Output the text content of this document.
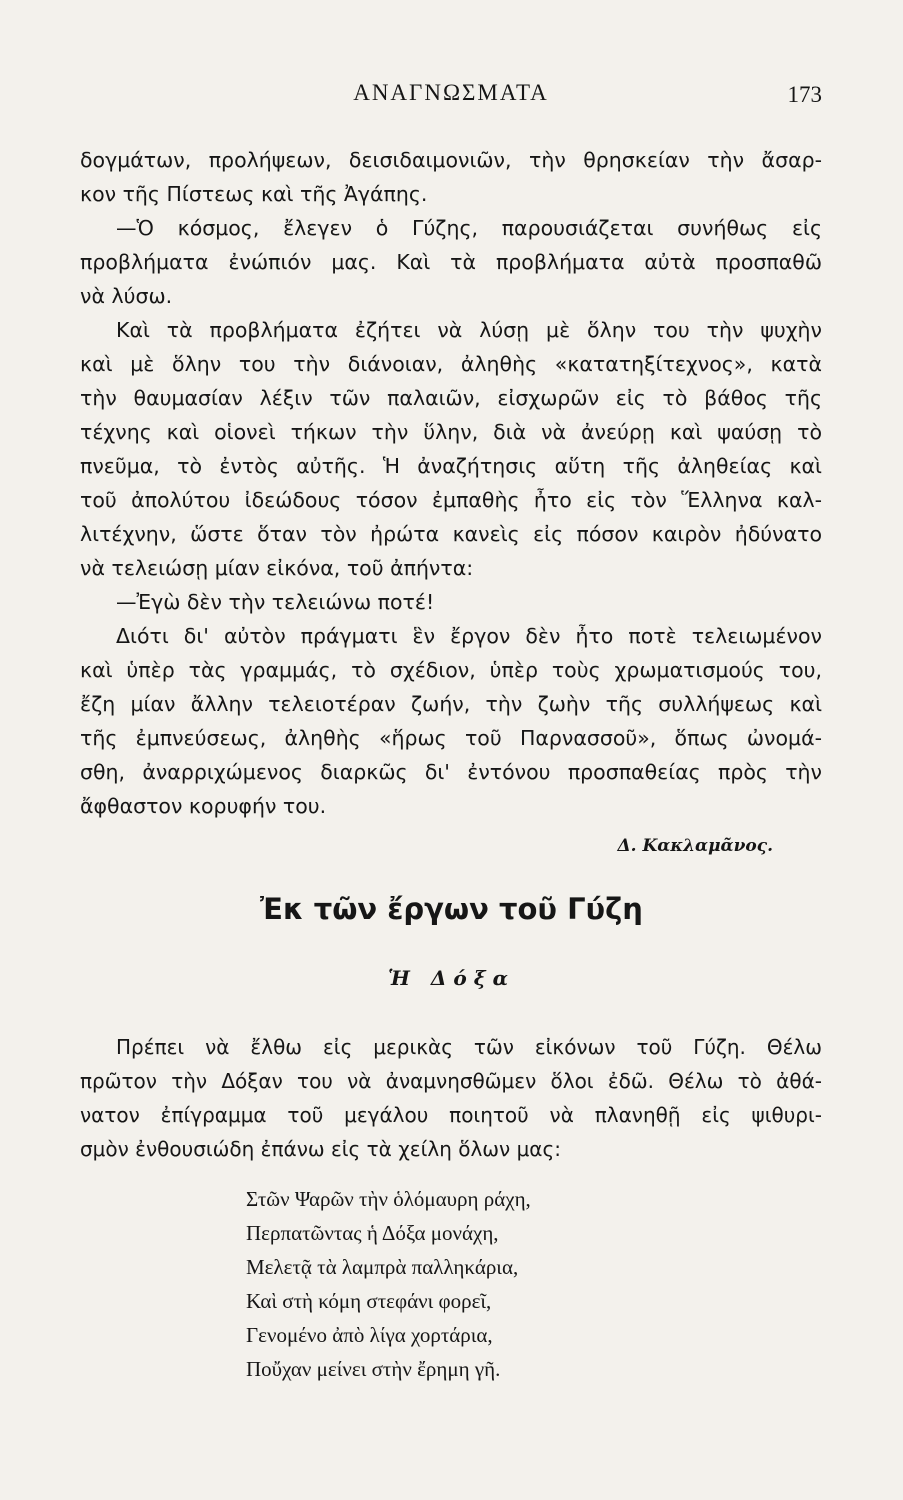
ΑΝΑΓΝΩΣΜΑΤΑ	173
δογμάτων, προλήψεων, δεισιδαιμονιῶν, τὴν θρησκείαν τὴν ἄσαρ-
κον τῆς Πίστεως καὶ τῆς Ἀγάπης.
—Ὁ κόσμος, ἔλεγεν ὁ Γύζης, παρουσιάζεται συνήθως εἰς
προβλήματα ἐνώπιόν μας. Καὶ τὰ προβλήματα αὐτὰ προσπαθῶ
νὰ λύσω.
Καὶ τὰ προβλήματα ἐζήτει νὰ λύσῃ μὲ ὅλην του τὴν ψυχὴν
καὶ μὲ ὅλην του τὴν διάνοιαν, ἀληθὴς «κατατηξίτεχνος», κατὰ
τὴν θαυμασίαν λέξιν τῶν παλαιῶν, εἰσχωρῶν εἰς τὸ βάθος τῆς
τέχνης καὶ οἱονεὶ τήκων τὴν ὕλην, διὰ νὰ ἀνεύρῃ καὶ ψαύσῃ τὸ
πνεῦμα, τὸ ἐντὸς αὐτῆς. Ἡ ἀναζήτησις αὕτη τῆς ἀληθείας καὶ
τοῦ ἀπολύτου ἰδεώδους τόσον ἐμπαθὴς ἦτο εἰς τὸν Ἕλληνα καλ-
λιτέχνην, ὥστε ὅταν τὸν ἠρώτα κανεὶς εἰς πόσον καιρὸν ἠδύνατο
νὰ τελειώσῃ μίαν εἰκόνα, τοῦ ἀπήντα:
—Ἐγὼ δὲν τὴν τελειώνω ποτέ!
Διότι δι' αὐτὸν πράγματι ἓν ἔργον δὲν ἦτο ποτὲ τελειωμένον
καὶ ὑπὲρ τὰς γραμμάς, τὸ σχέδιον, ὑπὲρ τοὺς χρωματισμούς του,
ἔζη μίαν ἄλλην τελειοτέραν ζωήν, τὴν ζωὴν τῆς συλλήψεως καὶ
τῆς ἐμπνεύσεως, ἀληθὴς «ἥρως τοῦ Παρνασσοῦ», ὅπως ὠνομά-
σθη, ἀναρριχώμενος διαρκῶς δι' ἐντόνου προσπαθείας πρὸς τὴν
ἄφθαστον κορυφήν του.
Δ. Κακλαμᾶνος.
Ἐκ τῶν ἔργων τοῦ Γύζη
Ἡ Δόξα
Πρέπει νὰ ἔλθω εἰς μερικὰς τῶν εἰκόνων τοῦ Γύζη. Θέλω
πρῶτον τὴν Δόξαν του νὰ ἀναμνησθῶμεν ὅλοι ἐδῶ. Θέλω τὸ ἀθά-
νατον ἐπίγραμμα τοῦ μεγάλου ποιητοῦ νὰ πλανηθῇ εἰς ψιθυρι-
σμὸν ἐνθουσιώδη ἐπάνω εἰς τὰ χείλη ὅλων μας:
Στῶν Ψαρῶν τὴν ὁλόμαυρη ράχη,
Περπατῶντας ἡ Δόξα μονάχη,
Μελετᾷ τὰ λαμπρὰ παλληκάρια,
Καὶ στὴ κόμη στεφάνι φορεῖ,
Γενομένο ἀπὸ λίγα χορτάρια,
Ποὔχαν μείνει στὴν ἔρημη γῆ.
